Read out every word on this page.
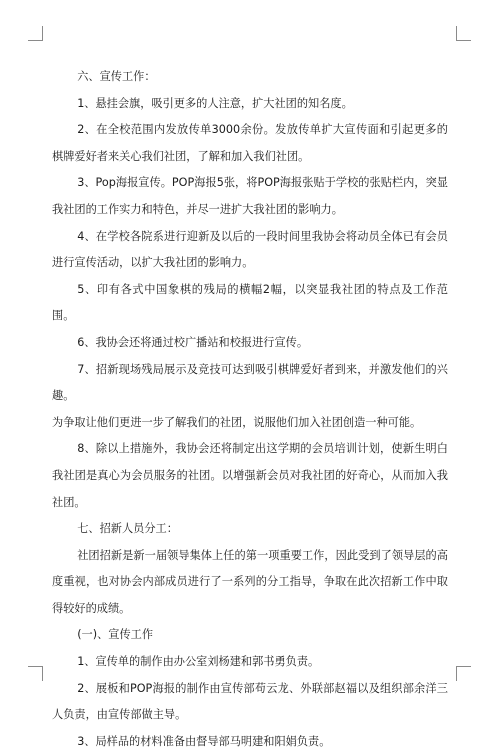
六、宣传工作：

1、悬挂会旗，吸引更多的人注意，扩大社团的知名度。

2、在全校范围内发放传单3000余份。发放传单扩大宣传面和引起更多的棋牌爱好者来关心我们社团，了解和加入我们社团。

3、Pop海报宣传。POP海报5张，将POP海报张贴于学校的张贴栏内，突显我社团的工作实力和特色，并尽一进扩大我社团的影响力。

4、在学校各院系进行迎新及以后的一段时间里我协会将动员全体已有会员进行宣传活动，以扩大我社团的影响力。

5、印有各式中国象棋的残局的横幅2幅，以突显我社团的特点及工作范围。

6、我协会还将通过校广播站和校报进行宣传。

7、招新现场残局展示及竞技可达到吸引棋牌爱好者到来，并激发他们的兴趣。

为争取让他们更进一步了解我们的社团，说服他们加入社团创造一种可能。

8、除以上措施外，我协会还将制定出这学期的会员培训计划，使新生明白我社团是真心为会员服务的社团。以增强新会员对我社团的好奇心，从而加入我社团。

七、招新人员分工：

社团招新是新一届领导集体上任的第一项重要工作，因此受到了领导层的高度重视，也对协会内部成员进行了一系列的分工指导，争取在此次招新工作中取得较好的成绩。

(一)、宣传工作

1、宣传单的制作由办公室刘杨建和郭书勇负责。

2、展板和POP海报的制作由宣传部苟云龙、外联部赵福以及组织部余洋三人负责，由宣传部做主导。

3、局样品的材料准备由督导部马明建和阳娟负责。
